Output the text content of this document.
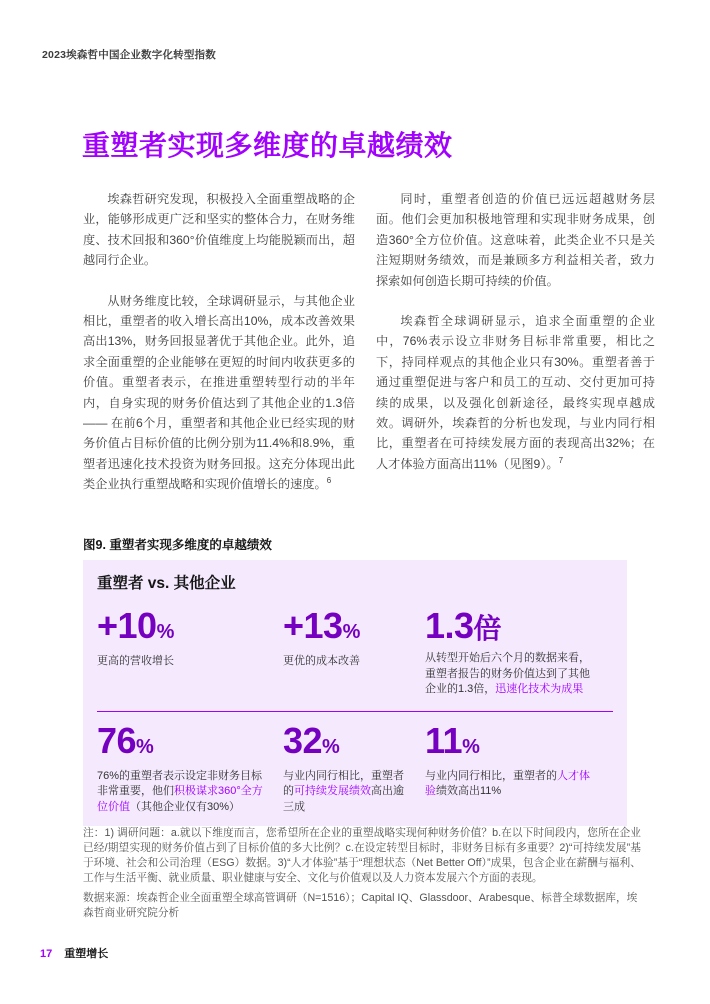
2023埃森哲中国企业数字化转型指数
重塑者实现多维度的卓越绩效

埃森哲研究发现，积极投入全面重塑战略的企业，能够形成更广泛和坚实的整体合力，在财务维度、技术回报和360°价值维度上均能脱颖而出，超越同行企业。

从财务维度比较，全球调研显示，与其他企业相比，重塑者的收入增长高出10%，成本改善效果高出13%，财务回报显著优于其他企业。此外，追求全面重塑的企业能够在更短的时间内收获更多的价值。重塑者表示，在推进重塑转型行动的半年内，自身实现的财务价值达到了其他企业的1.3倍 —— 在前6个月，重塑者和其他企业已经实现的财务价值占目标价值的比例分别为11.4%和8.9%，重塑者迅速化技术投资为财务回报。这充分体现出此类企业执行重塑战略和实现价值增长的速度。$^6$

同时，重塑者创造的价值已远远超越财务层面。他们会更加积极地管理和实现非财务成果，创造360°全方位价值。这意味着，此类企业不只是关注短期财务绩效，而是兼顾多方利益相关者，致力探索如何创造长期可持续的价值。

埃森哲全球调研显示，追求全面重塑的企业中，76%表示设立非财务目标非常重要，相比之下，持同样观点的其他企业只有30%。重塑者善于通过重塑促进与客户和员工的互动、交付更加可持续的成果，以及强化创新途径，最终实现卓越成效。调研外，埃森哲的分析也发现，与业内同行相比，重塑者在可持续发展方面的表现高出32%；在人才体验方面高出11%（见图9）。$^7$

图9. 重塑者实现多维度的卓越绩效
重塑者 vs. 其他企业
+10%
更高的营收增长
+13%
更优的成本改善
1.3倍
从转型开始后六个月的数据来看，重塑者报告的财务价值达到了其他企业的1.3倍，迅速化技术为成果
76%
76%的重塑者表示设定非财务目标非常重要，他们积极谋求360°全方位价值（其他企业仅有30%）
32%
与业内同行相比，重塑者的可持续发展绩效高出逾三成
11%
与业内同行相比，重塑者的人才体验绩效高出11%
注：1) 调研问题：a.就以下维度而言，您希望所在企业的重塑战略实现何种财务价值？b.在以下时间段内，您所在企业已经/期望实现的财务价值占到了目标价值的多大比例？c.在设定转型目标时，非财务目标有多重要？2)“可持续发展”基于环境、社会和公司治理（ESG）数据。3)“人才体验”基于“理想状态（Net Better Off）”成果，包含企业在薪酬与福利、工作与生活平衡、就业质量、职业健康与安全、文化与价值观以及人力资本发展六个方面的表现。
数据来源：埃森哲企业全面重塑全球高管调研（N=1516）；Capital IQ、Glassdoor、Arabesque、标普全球数据库，埃森哲商业研究院分析
17 重塑增长
